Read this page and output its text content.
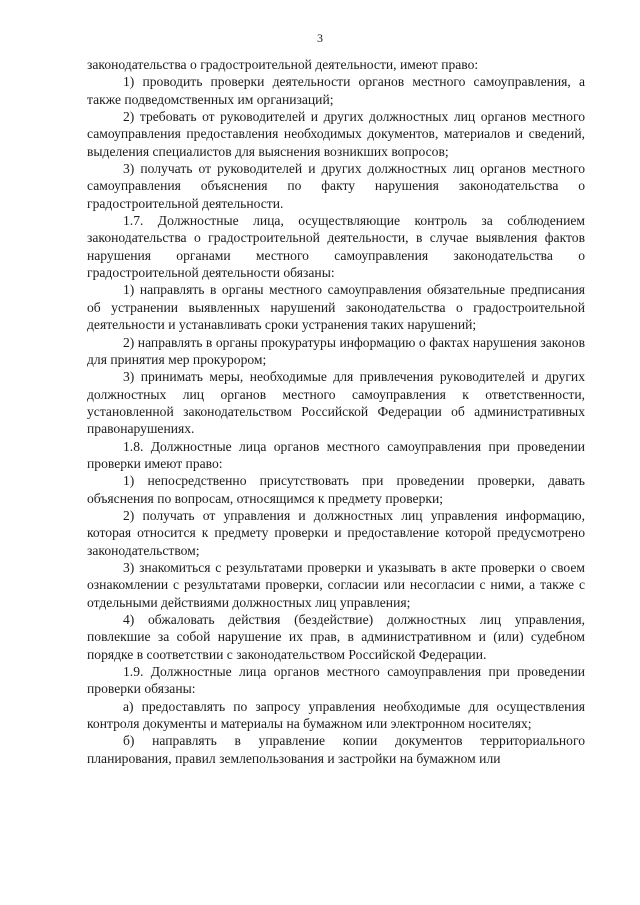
3

законодательства о градостроительной деятельности, имеют право:

1) проводить проверки деятельности органов местного самоуправления, а также подведомственных им организаций;

2) требовать от руководителей и других должностных лиц органов местного самоуправления предоставления необходимых документов, материалов и сведений, выделения специалистов для выяснения возникших вопросов;

3) получать от руководителей и других должностных лиц органов местного самоуправления объяснения по факту нарушения законодательства о градостроительной деятельности.

1.7. Должностные лица, осуществляющие контроль за соблюдением законодательства о градостроительной деятельности, в случае выявления фактов нарушения органами местного самоуправления законодательства о градостроительной деятельности обязаны:

1) направлять в органы местного самоуправления обязательные предписания об устранении выявленных нарушений законодательства о градостроительной деятельности и устанавливать сроки устранения таких нарушений;

2) направлять в органы прокуратуры информацию о фактах нарушения законов для принятия мер прокурором;

3) принимать меры, необходимые для привлечения руководителей и других должностных лиц органов местного самоуправления к ответственности, установленной законодательством Российской Федерации об административных правонарушениях.

1.8. Должностные лица органов местного самоуправления при проведении проверки имеют право:

1) непосредственно присутствовать при проведении проверки, давать объяснения по вопросам, относящимся к предмету проверки;

2) получать от управления и должностных лиц управления информацию, которая относится к предмету проверки и предоставление которой предусмотрено законодательством;

3) знакомиться с результатами проверки и указывать в акте проверки о своем ознакомлении с результатами проверки, согласии или несогласии с ними, а также с отдельными действиями должностных лиц управления;

4) обжаловать действия (бездействие) должностных лиц управления, повлекшие за собой нарушение их прав, в административном и (или) судебном порядке в соответствии с законодательством Российской Федерации.

1.9. Должностные лица органов местного самоуправления при проведении проверки обязаны:

а) предоставлять по запросу управления необходимые для осуществления контроля документы и материалы на бумажном или электронном носителях;

б) направлять в управление копии документов территориального планирования, правил землепользования и застройки на бумажном или
